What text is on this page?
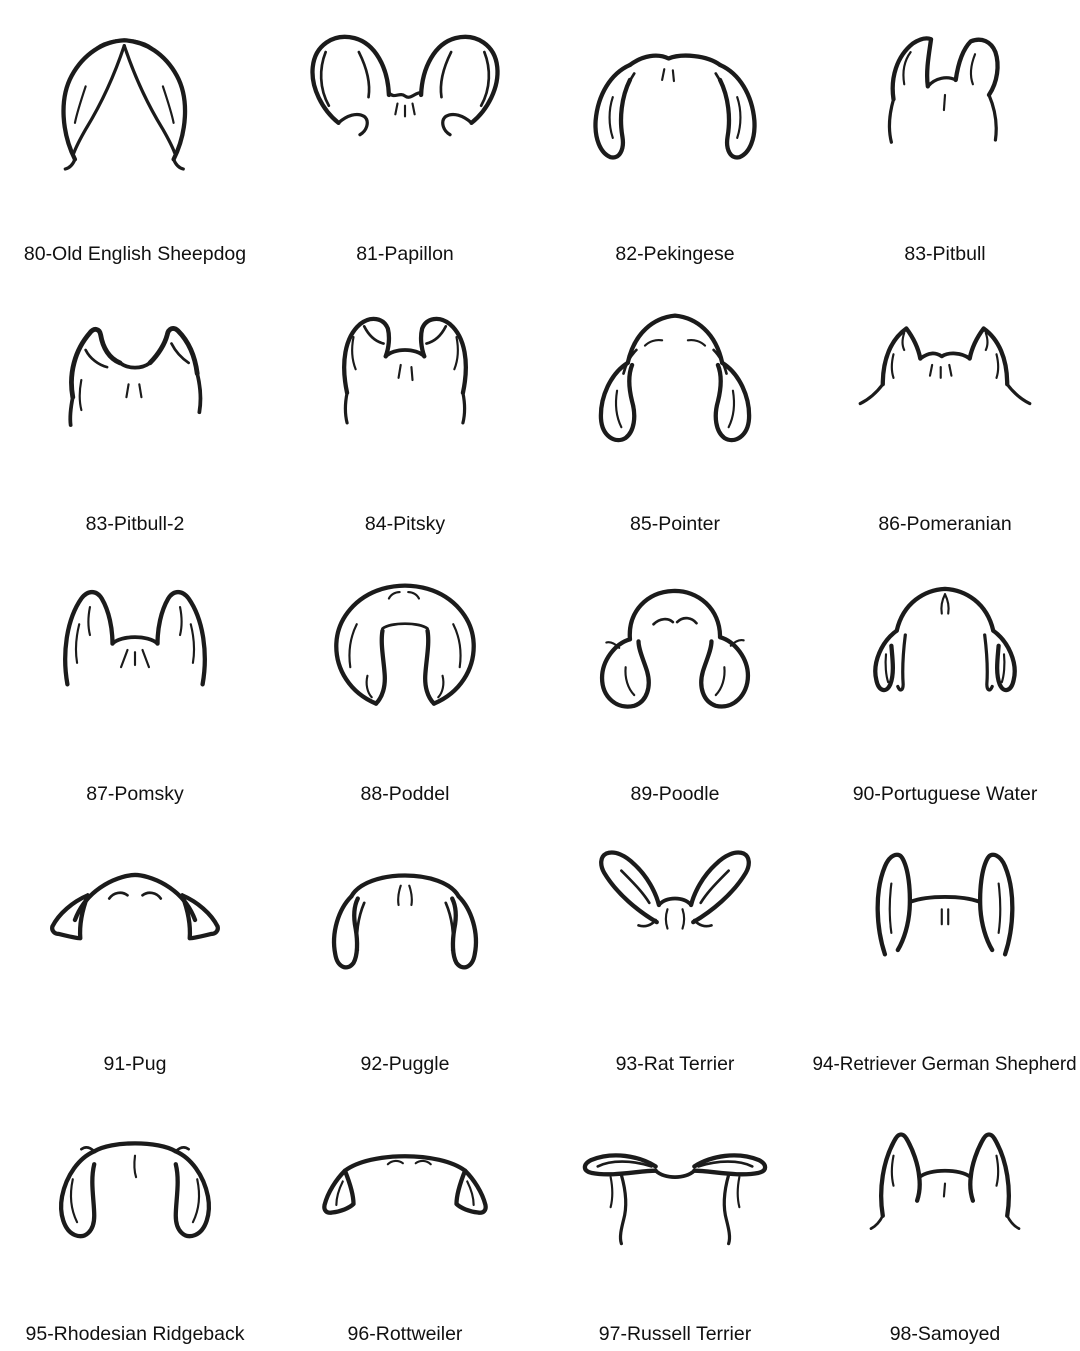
80-Old English Sheepdog	81-Papillon	82-Pekingese	83-Pitbull
83-Pitbull-2	84-Pitsky	85-Pointer	86-Pomeranian
87-Pomsky	88-Poddel	89-Poodle	90-Portuguese Water
91-Pug	92-Puggle	93-Rat Terrier	94-Retriever German Shepherd
95-Rhodesian Ridgeback	96-Rottweiler	97-Russell Terrier	98-Samoyed
